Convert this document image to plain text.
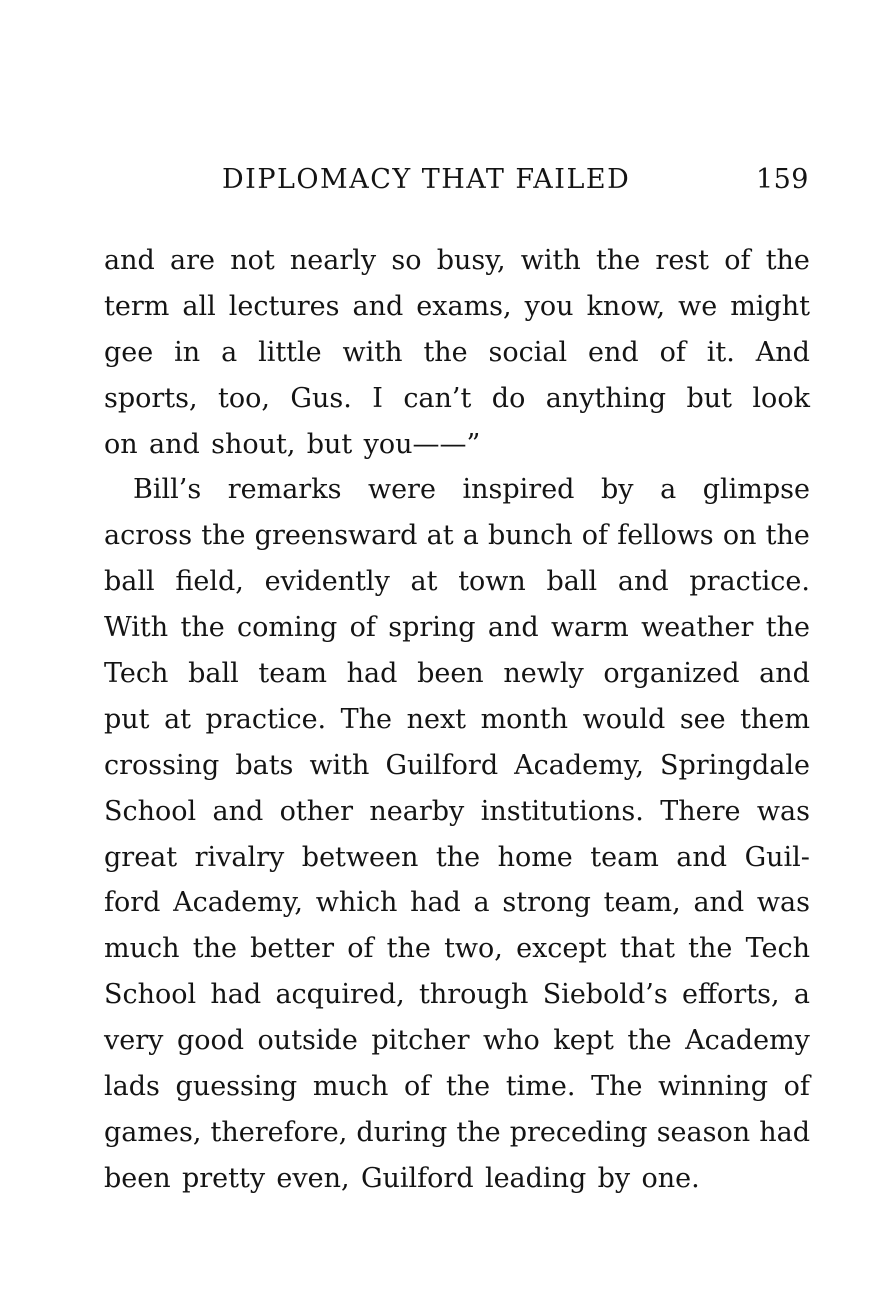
DIPLOMACY THAT FAILED	159
and are not nearly so busy, with the rest of the
term all lectures and exams, you know, we might
gee in a little with the social end of it. And
sports, too, Gus. I can’t do anything but look
on and shout, but you——”
Bill’s remarks were inspired by a glimpse
across the greensward at a bunch of fellows on the
ball field, evidently at town ball and practice.
With the coming of spring and warm weather the
Tech ball team had been newly organized and
put at practice. The next month would see them
crossing bats with Guilford Academy, Springdale
School and other nearby institutions. There was
great rivalry between the home team and Guil-
ford Academy, which had a strong team, and was
much the better of the two, except that the Tech
School had acquired, through Siebold’s efforts, a
very good outside pitcher who kept the Academy
lads guessing much of the time. The winning of
games, therefore, during the preceding season had
been pretty even, Guilford leading by one.
